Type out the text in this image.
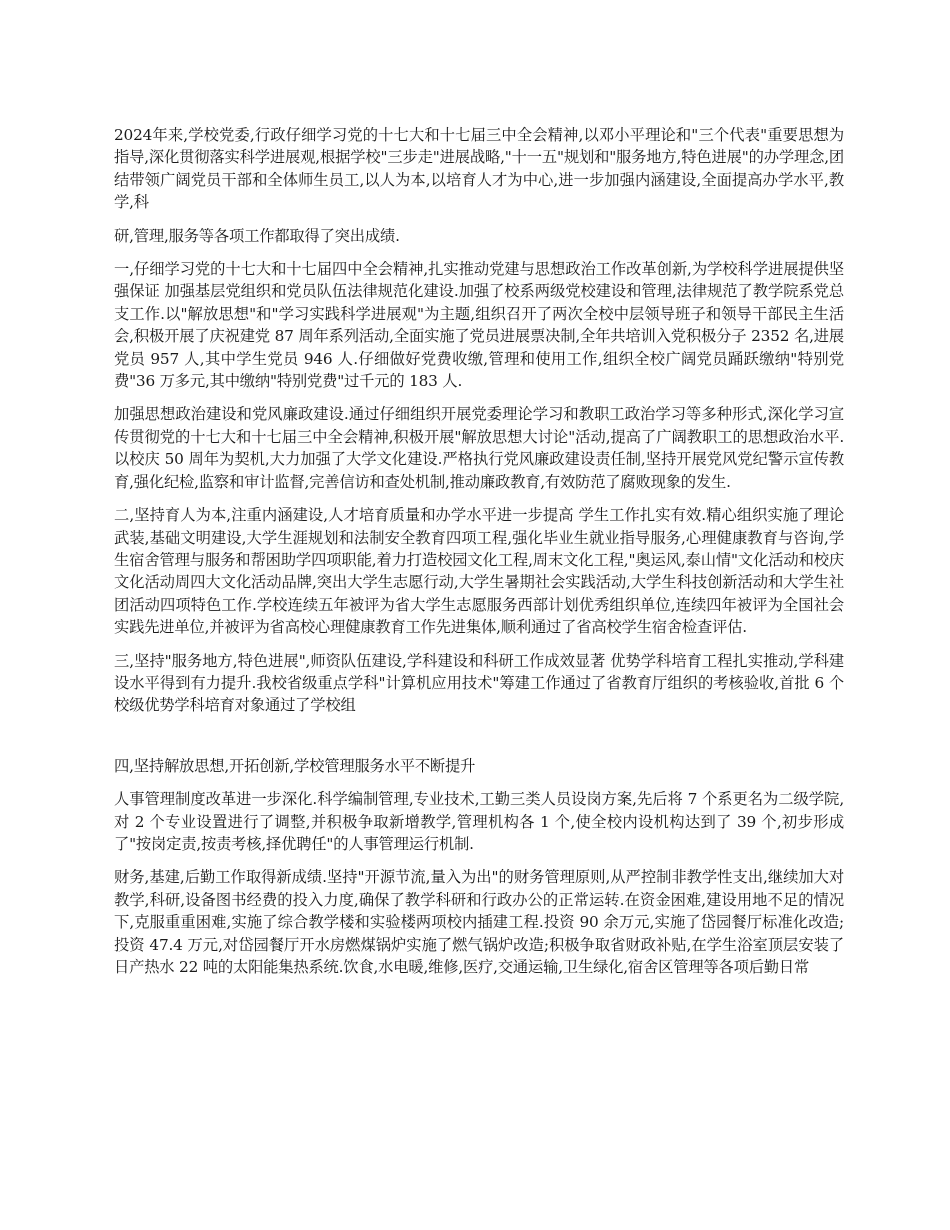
2024年来,学校党委,行政仔细学习党的十七大和十七届三中全会精神,以邓小平理论和"三个代表"重要思想为指导,深化贯彻落实科学进展观,根据学校"三步走"进展战略,"十一五"规划和"服务地方,特色进展"的办学理念,团结带领广阔党员干部和全体师生员工,以人为本,以培育人才为中心,进一步加强内涵建设,全面提高办学水平,教学,科

研,管理,服务等各项工作都取得了突出成绩.

一,仔细学习党的十七大和十七届四中全会精神,扎实推动党建与思想政治工作改革创新,为学校科学进展提供坚强保证 加强基层党组织和党员队伍法律规范化建设.加强了校系两级党校建设和管理,法律规范了教学院系党总支工作.以"解放思想"和"学习实践科学进展观"为主题,组织召开了两次全校中层领导班子和领导干部民主生活会,积极开展了庆祝建党 87 周年系列活动,全面实施了党员进展票决制,全年共培训入党积极分子 2352 名,进展党员 957 人,其中学生党员 946 人.仔细做好党费收缴,管理和使用工作,组织全校广阔党员踊跃缴纳"特别党费"36 万多元,其中缴纳"特别党费"过千元的 183 人.

加强思想政治建设和党风廉政建设.通过仔细组织开展党委理论学习和教职工政治学习等多种形式,深化学习宣传贯彻党的十七大和十七届三中全会精神,积极开展"解放思想大讨论"活动,提高了广阔教职工的思想政治水平.以校庆 50 周年为契机,大力加强了大学文化建设.严格执行党风廉政建设责任制,坚持开展党风党纪警示宣传教育,强化纪检,监察和审计监督,完善信访和查处机制,推动廉政教育,有效防范了腐败现象的发生.

二,坚持育人为本,注重内涵建设,人才培育质量和办学水平进一步提高 学生工作扎实有效.精心组织实施了理论武装,基础文明建设,大学生涯规划和法制安全教育四项工程,强化毕业生就业指导服务,心理健康教育与咨询,学生宿舍管理与服务和帮困助学四项职能,着力打造校园文化工程,周末文化工程,"奥运风,泰山情"文化活动和校庆文化活动周四大文化活动品牌,突出大学生志愿行动,大学生暑期社会实践活动,大学生科技创新活动和大学生社团活动四项特色工作.学校连续五年被评为省大学生志愿服务西部计划优秀组织单位,连续四年被评为全国社会实践先进单位,并被评为省高校心理健康教育工作先进集体,顺利通过了省高校学生宿舍检查评估.

三,坚持"服务地方,特色进展",师资队伍建设,学科建设和科研工作成效显著 优势学科培育工程扎实推动,学科建设水平得到有力提升.我校省级重点学科"计算机应用技术"筹建工作通过了省教育厅组织的考核验收,首批 6 个校级优势学科培育对象通过了学校组

四,坚持解放思想,开拓创新,学校管理服务水平不断提升

人事管理制度改革进一步深化.科学编制管理,专业技术,工勤三类人员设岗方案,先后将 7 个系更名为二级学院,对 2 个专业设置进行了调整,并积极争取新增教学,管理机构各 1 个,使全校内设机构达到了 39 个,初步形成了"按岗定责,按责考核,择优聘任"的人事管理运行机制.

财务,基建,后勤工作取得新成绩.坚持"开源节流,量入为出"的财务管理原则,从严控制非教学性支出,继续加大对教学,科研,设备图书经费的投入力度,确保了教学科研和行政办公的正常运转.在资金困难,建设用地不足的情况下,克服重重困难,实施了综合教学楼和实验楼两项校内插建工程.投资 90 余万元,实施了岱园餐厅标准化改造;投资 47.4 万元,对岱园餐厅开水房燃煤锅炉实施了燃气锅炉改造;积极争取省财政补贴,在学生浴室顶层安装了日产热水 22 吨的太阳能集热系统.饮食,水电暖,维修,医疗,交通运输,卫生绿化,宿舍区管理等各项后勤日常
